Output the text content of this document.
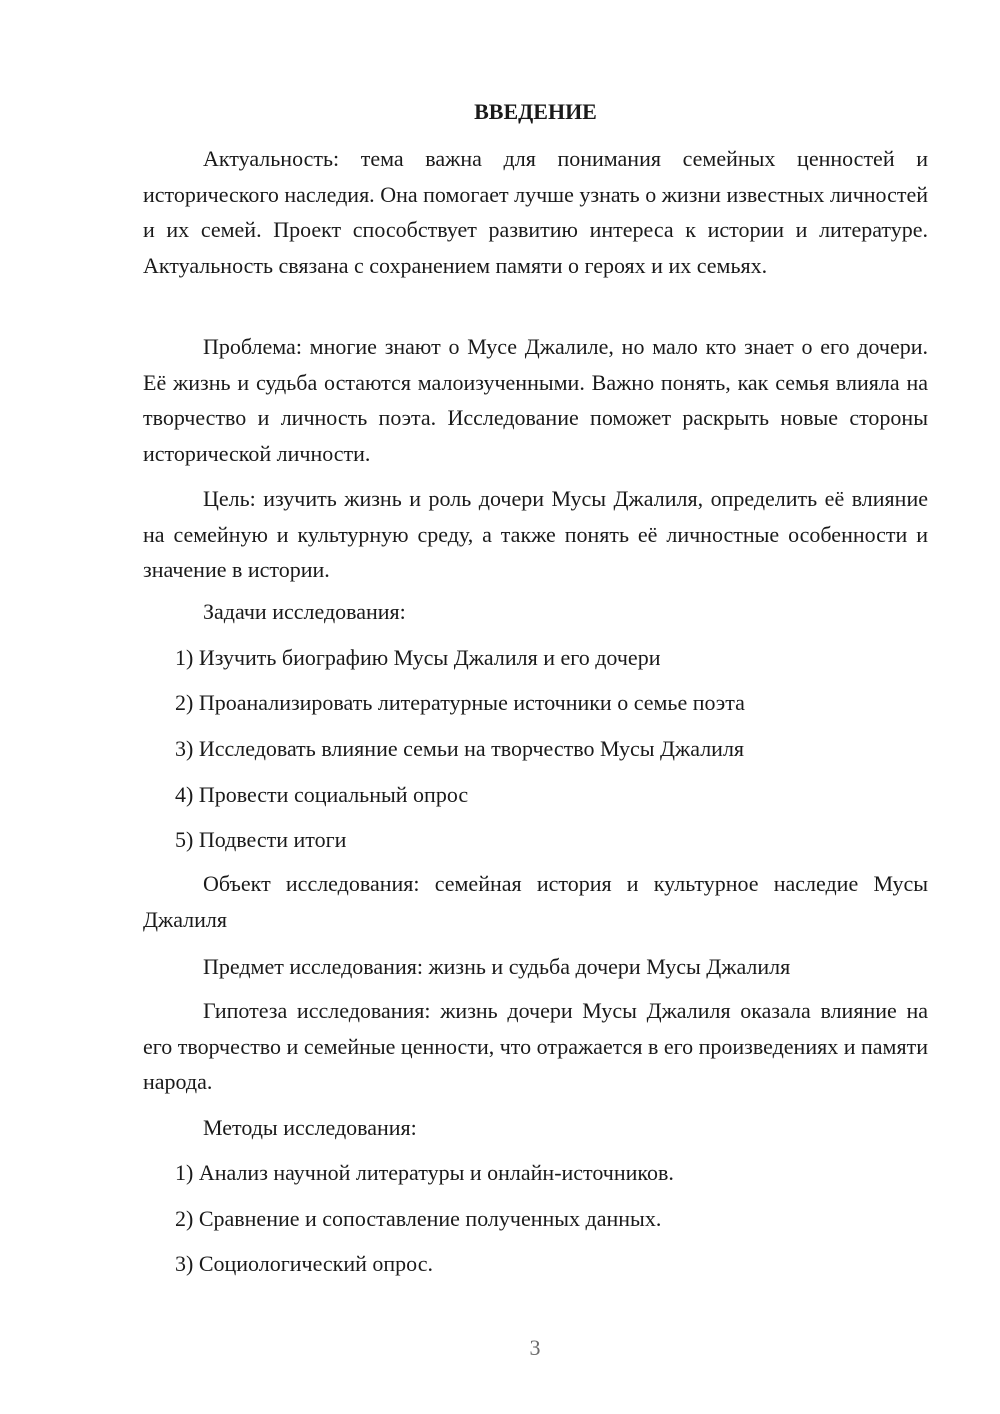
ВВЕДЕНИЕ

Актуальность: тема важна для понимания семейных ценностей и исторического наследия. Она помогает лучше узнать о жизни известных личностей и их семей. Проект способствует развитию интереса к истории и литературе. Актуальность связана с сохранением памяти о героях и их семьях.

Проблема: многие знают о Мусе Джалиле, но мало кто знает о его дочери. Её жизнь и судьба остаются малоизученными. Важно понять, как семья влияла на творчество и личность поэта. Исследование поможет раскрыть новые стороны исторической личности.

Цель: изучить жизнь и роль дочери Мусы Джалиля, определить её влияние на семейную и культурную среду, а также понять её личностные особенности и значение в истории.

Задачи исследования:

1) Изучить биографию Мусы Джалиля и его дочери

2) Проанализировать литературные источники о семье поэта

3) Исследовать влияние семьи на творчество Мусы Джалиля

4) Провести социальный опрос

5) Подвести итоги

Объект исследования: семейная история и культурное наследие Мусы Джалиля

Предмет исследования: жизнь и судьба дочери Мусы Джалиля

Гипотеза исследования: жизнь дочери Мусы Джалиля оказала влияние на его творчество и семейные ценности, что отражается в его произведениях и памяти народа.

Методы исследования:

1) Анализ научной литературы и онлайн-источников.

2) Сравнение и сопоставление полученных данных.

3) Социологический опрос.

3
